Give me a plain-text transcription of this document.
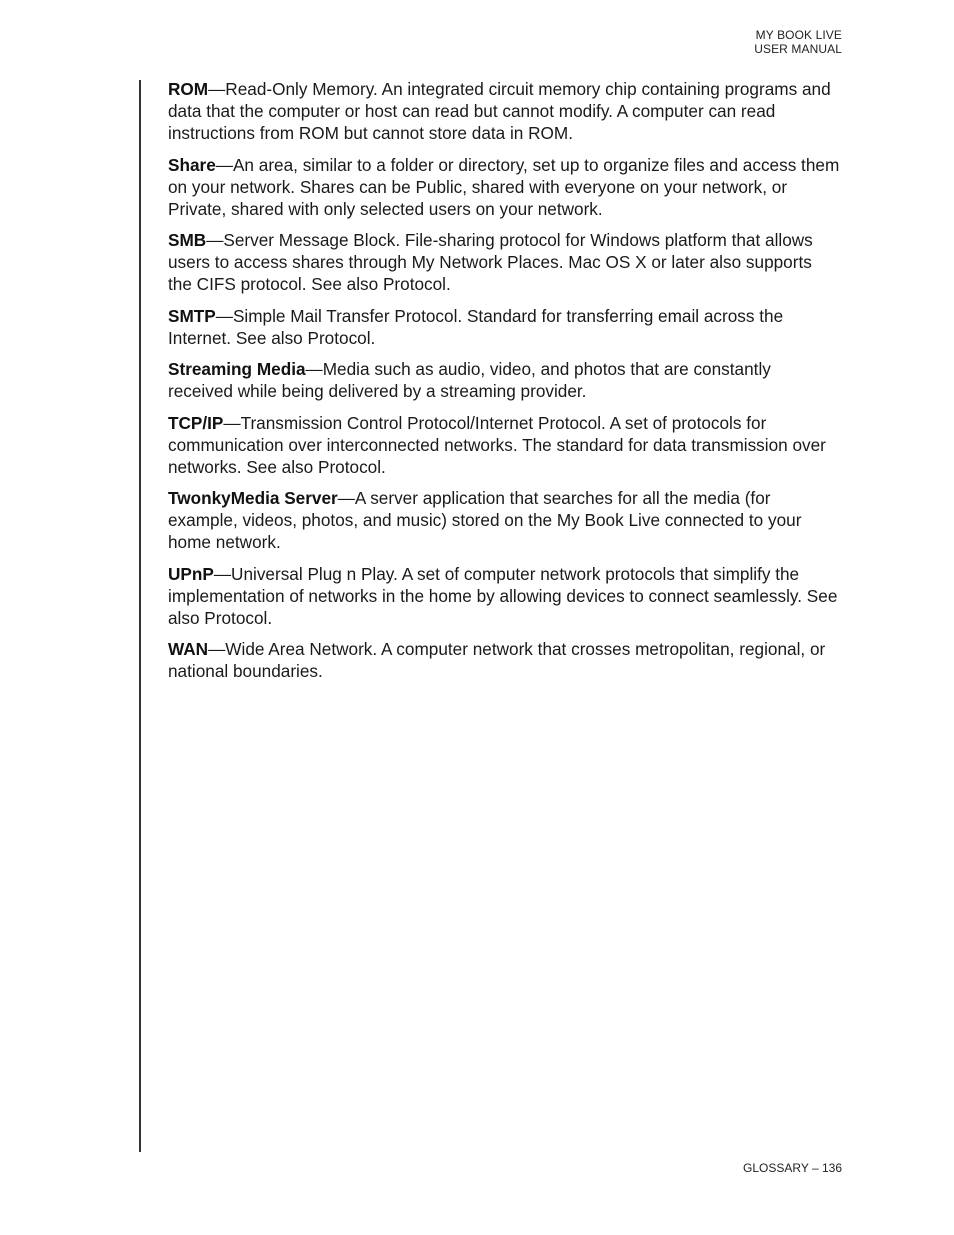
MY BOOK LIVE
USER MANUAL

ROM—Read-Only Memory. An integrated circuit memory chip containing programs and data that the computer or host can read but cannot modify. A computer can read instructions from ROM but cannot store data in ROM.

Share—An area, similar to a folder or directory, set up to organize files and access them on your network. Shares can be Public, shared with everyone on your network, or Private, shared with only selected users on your network.

SMB—Server Message Block. File-sharing protocol for Windows platform that allows users to access shares through My Network Places. Mac OS X or later also supports the CIFS protocol. See also Protocol.

SMTP—Simple Mail Transfer Protocol. Standard for transferring email across the Internet. See also Protocol.

Streaming Media—Media such as audio, video, and photos that are constantly received while being delivered by a streaming provider.

TCP/IP—Transmission Control Protocol/Internet Protocol. A set of protocols for communication over interconnected networks. The standard for data transmission over networks. See also Protocol.

TwonkyMedia Server—A server application that searches for all the media (for example, videos, photos, and music) stored on the My Book Live connected to your home network.

UPnP—Universal Plug n Play. A set of computer network protocols that simplify the implementation of networks in the home by allowing devices to connect seamlessly. See also Protocol.

WAN—Wide Area Network. A computer network that crosses metropolitan, regional, or national boundaries.

GLOSSARY – 136
